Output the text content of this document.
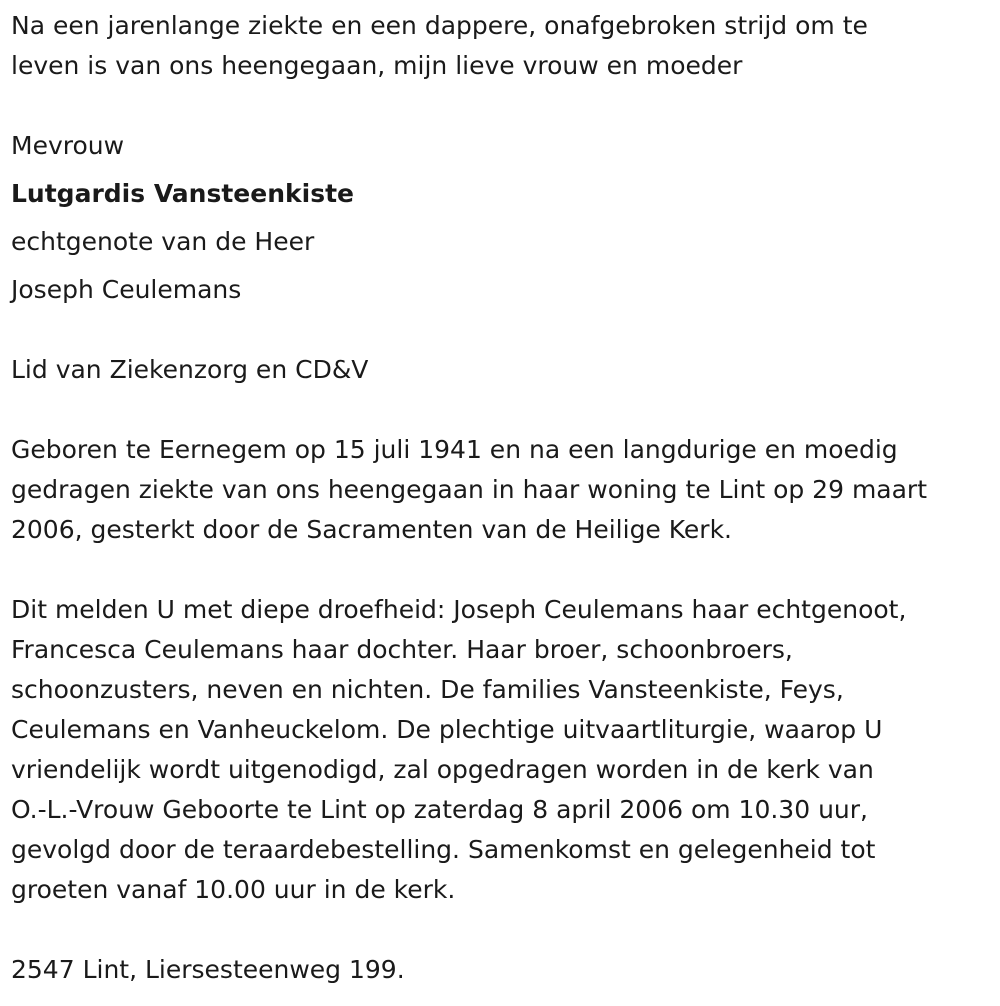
Na een jarenlange ziekte en een dappere, onafgebroken strijd om te
leven is van ons heengegaan, mijn lieve vrouw en moeder
Mevrouw
Lutgardis Vansteenkiste
echtgenote van de Heer
Joseph Ceulemans
Lid van Ziekenzorg en CD&V
Geboren te Eernegem op 15 juli 1941 en na een langdurige en moedig
gedragen ziekte van ons heengegaan in haar woning te Lint op 29 maart
2006, gesterkt door de Sacramenten van de Heilige Kerk.
Dit melden U met diepe droefheid: Joseph Ceulemans haar echtgenoot,
Francesca Ceulemans haar dochter. Haar broer, schoonbroers,
schoonzusters, neven en nichten. De families Vansteenkiste, Feys,
Ceulemans en Vanheuckelom. De plechtige uitvaartliturgie, waarop U
vriendelijk wordt uitgenodigd, zal opgedragen worden in de kerk van
O.-L.-Vrouw Geboorte te Lint op zaterdag 8 april 2006 om 10.30 uur,
gevolgd door de teraardebestelling. Samenkomst en gelegenheid tot
groeten vanaf 10.00 uur in de kerk.
2547 Lint, Liersesteenweg 199.
